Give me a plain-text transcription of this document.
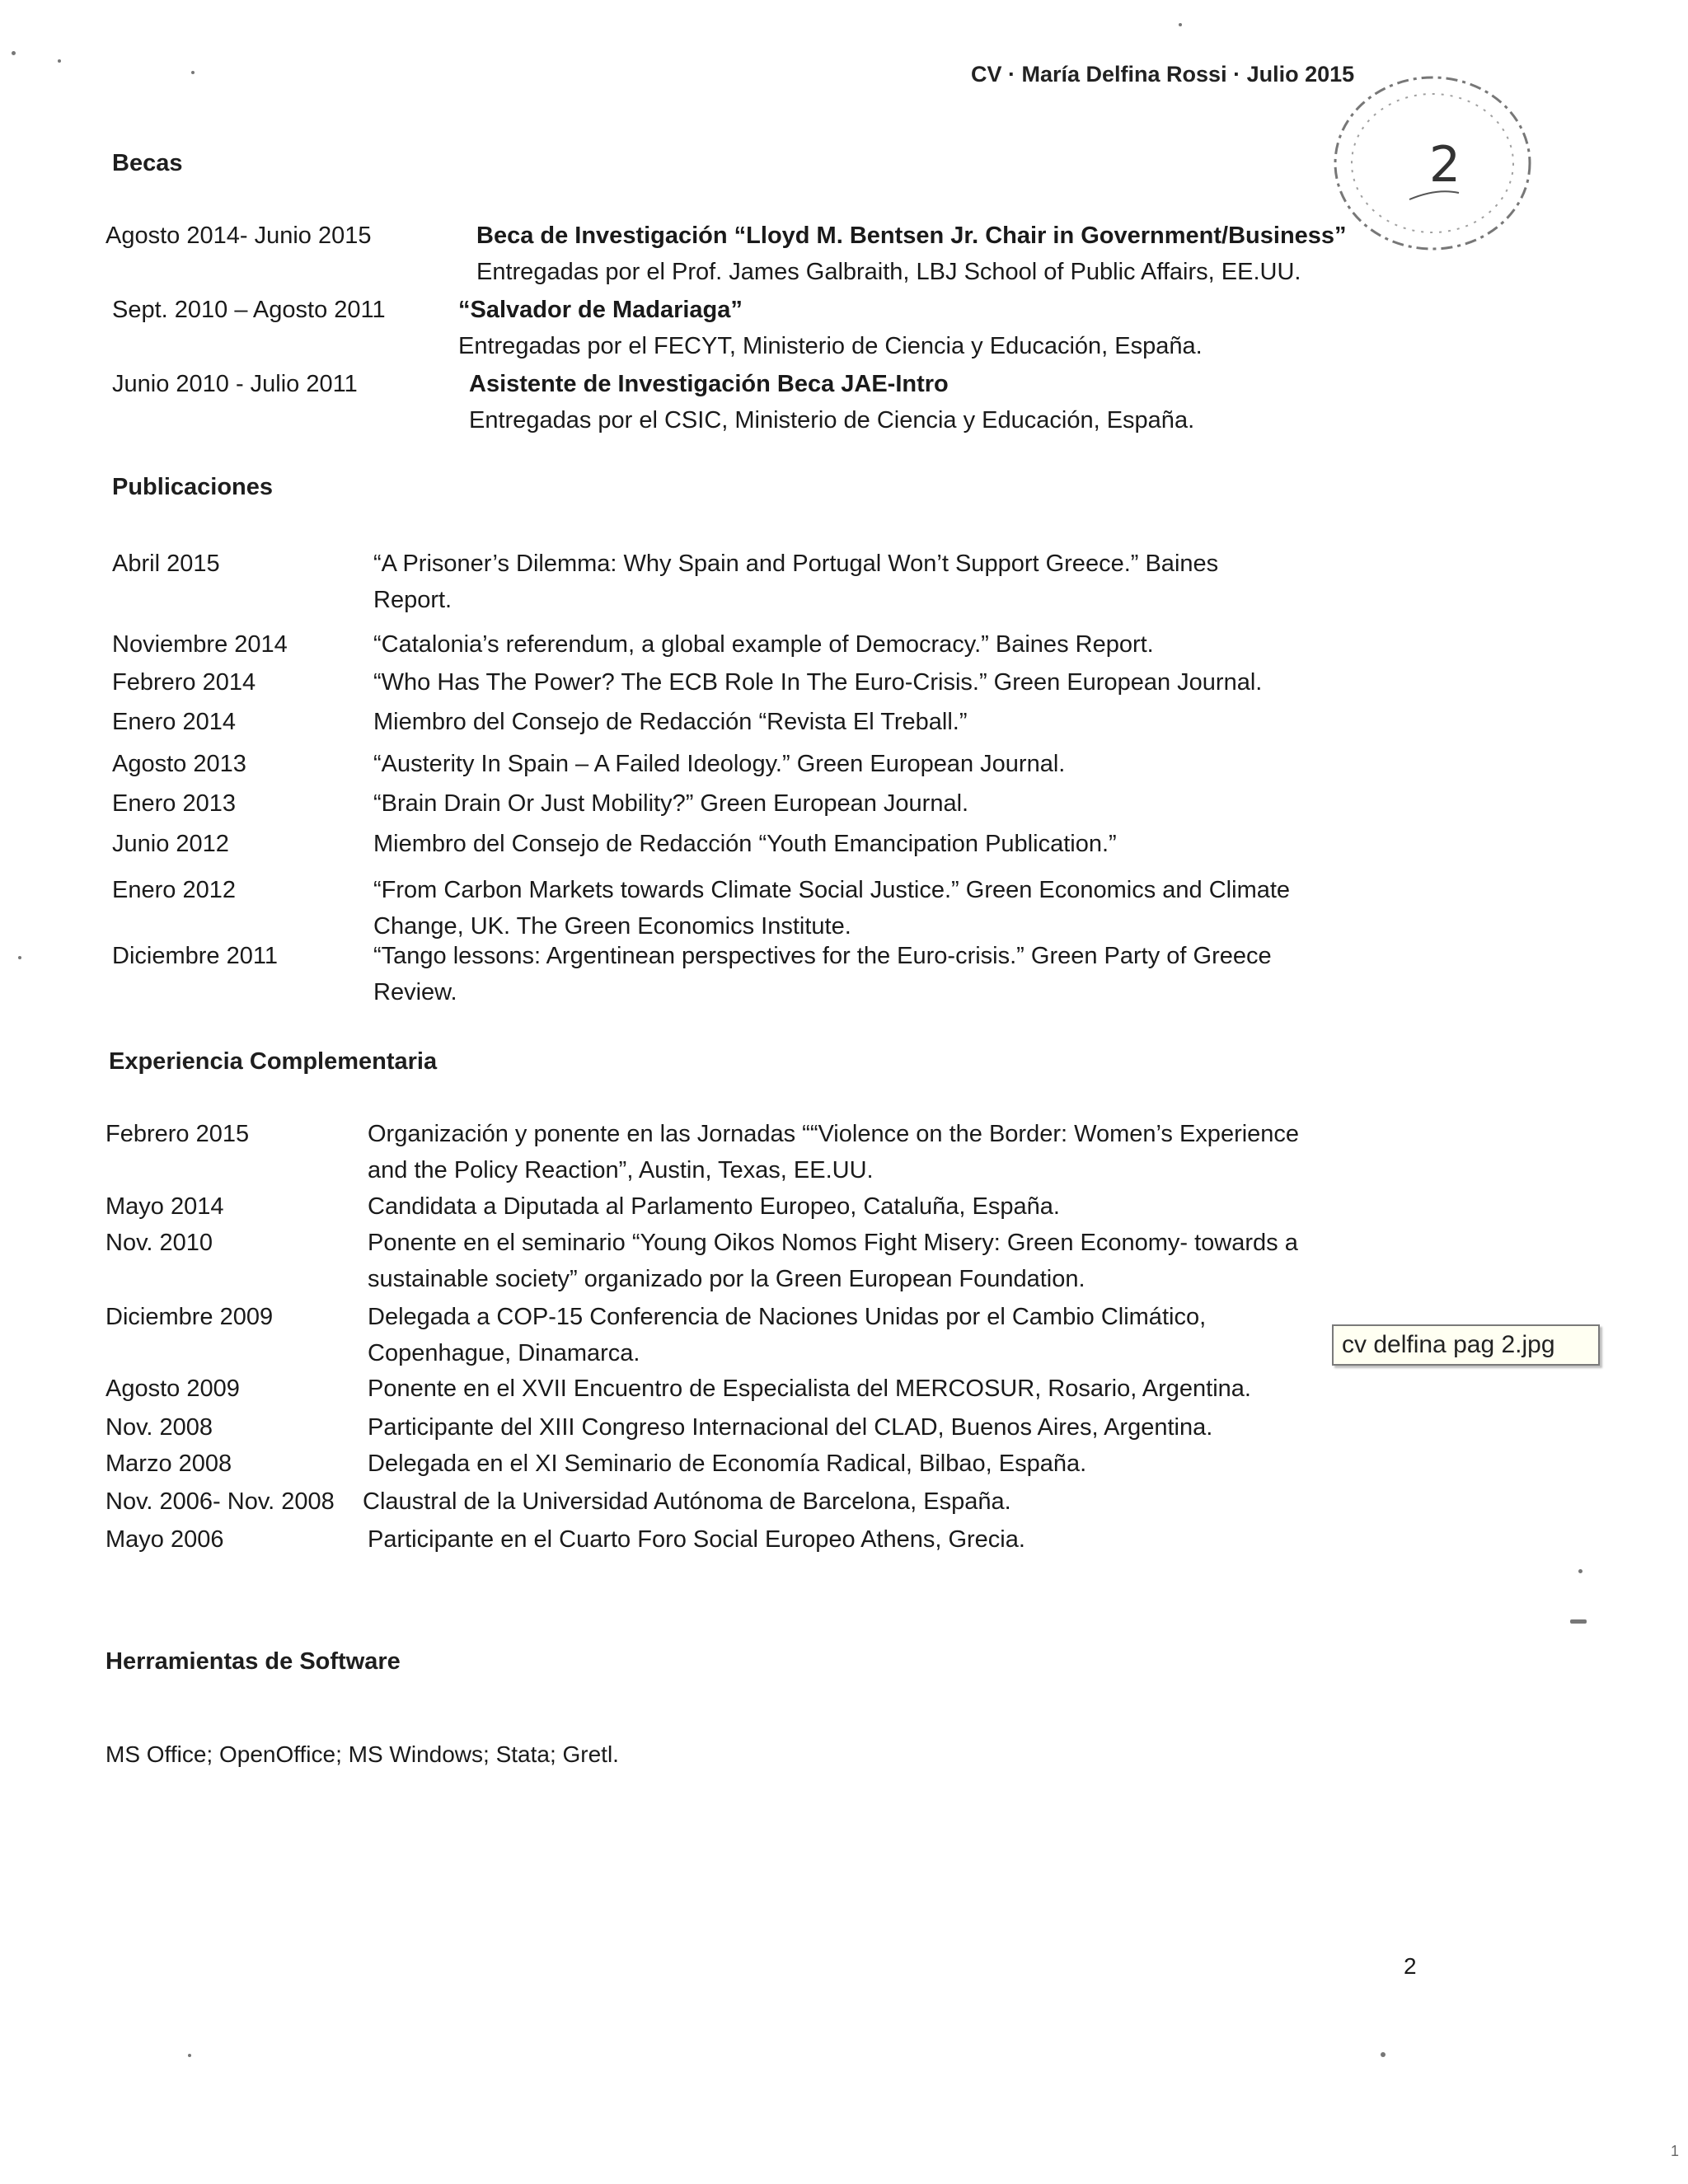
CV · María Delfina Rossi · Julio 2015
2
Becas
Agosto 2014- Junio 2015	Beca de Investigación “Lloyd M. Bentsen Jr. Chair in Government/Business”
Entregadas por el Prof. James Galbraith, LBJ School of Public Affairs, EE.UU.
Sept. 2010 – Agosto 2011	“Salvador de Madariaga”
Entregadas por el FECYT, Ministerio de Ciencia y Educación, España.
Junio 2010 - Julio 2011	Asistente de Investigación Beca JAE-Intro
Entregadas por el CSIC, Ministerio de Ciencia y Educación, España.
Publicaciones
Abril 2015	“A Prisoner’s Dilemma: Why Spain and Portugal Won’t Support Greece.” Baines
Report.
Noviembre 2014	“Catalonia’s referendum, a global example of Democracy.” Baines Report.
Febrero 2014	“Who Has The Power? The ECB Role In The Euro-Crisis.” Green European Journal.
Enero 2014	Miembro del Consejo de Redacción “Revista El Treball.”
Agosto 2013	“Austerity In Spain – A Failed Ideology.” Green European Journal.
Enero 2013	“Brain Drain Or Just Mobility?” Green European Journal.
Junio 2012	Miembro del Consejo de Redacción “Youth Emancipation Publication.”
Enero 2012	“From Carbon Markets towards Climate Social Justice.” Green Economics and Climate
Change, UK. The Green Economics Institute.
Diciembre 2011	“Tango lessons: Argentinean perspectives for the Euro-crisis.” Green Party of Greece
Review.
Experiencia Complementaria
Febrero 2015	Organización y ponente en las Jornadas ““Violence on the Border: Women’s Experience
and the Policy Reaction”, Austin, Texas, EE.UU.
Mayo 2014	Candidata a Diputada al Parlamento Europeo, Cataluña, España.
Nov. 2010	Ponente en el seminario “Young Oikos Nomos Fight Misery: Green Economy- towards a
sustainable society” organizado por la Green European Foundation.
Diciembre 2009	Delegada a COP-15 Conferencia de Naciones Unidas por el Cambio Climático,
Copenhague, Dinamarca.
Agosto 2009	Ponente en el XVII Encuentro de Especialista del MERCOSUR, Rosario, Argentina.
Nov. 2008	Participante del XIII Congreso Internacional del CLAD, Buenos Aires, Argentina.
Marzo 2008	Delegada en el XI Seminario de Economía Radical, Bilbao, España.
Nov. 2006- Nov. 2008 Claustral de la Universidad Autónoma de Barcelona, España.
Mayo 2006	Participante en el Cuarto Foro Social Europeo Athens, Grecia.
Herramientas de Software
MS Office; OpenOffice; MS Windows; Stata; Gretl.
2
1
cv delfina pag 2.jpg
